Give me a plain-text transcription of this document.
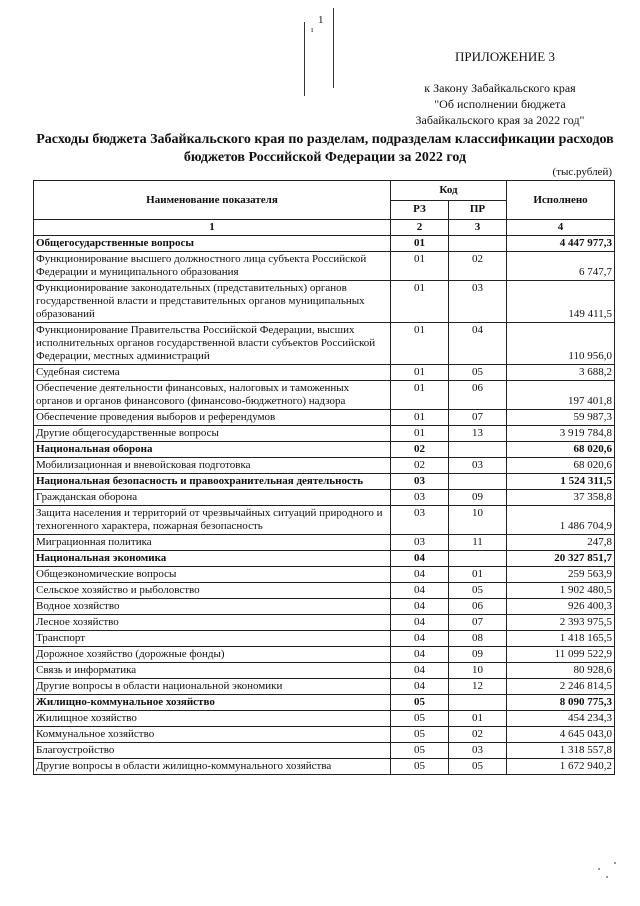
1
ı
ПРИЛОЖЕНИЕ 3
к Закону Забайкальского края
"Об исполнении бюджета
Забайкальского края за 2022 год"
Расходы бюджета Забайкальского края по разделам, подразделам классификации расходов
бюджетов Российской Федерации за 2022 год
(тыс.рублей)
Наименование показателя	Код		Исполнено
	РЗ	ПР	
1	2	3	4
Общегосударственные вопросы	01		4 447 977,3
Функционирование высшего должностного лица субъекта Российской Федерации и муниципального образования	01	02	6 747,7
Функционирование законодательных (представительных) органов государственной власти и представительных органов муниципальных образований	01	03	149 411,5
Функционирование Правительства Российской Федерации, высших исполнительных органов государственной власти субъектов Российской Федерации, местных администраций	01	04	110 956,0
Судебная система	01	05	3 688,2
Обеспечение деятельности финансовых, налоговых и таможенных органов и органов финансового (финансово-бюджетного) надзора	01	06	197 401,8
Обеспечение проведения выборов и референдумов	01	07	59 987,3
Другие общегосударственные вопросы	01	13	3 919 784,8
Национальная оборона	02		68 020,6
Мобилизационная и вневойсковая подготовка	02	03	68 020,6
Национальная безопасность и правоохранительная деятельность	03		1 524 311,5
Гражданская оборона	03	09	37 358,8
Защита населения и территорий от чрезвычайных ситуаций природного и техногенного характера, пожарная безопасность	03	10	1 486 704,9
Миграционная политика	03	11	247,8
Национальная экономика	04		20 327 851,7
Общеэкономические вопросы	04	01	259 563,9
Сельское хозяйство и рыболовство	04	05	1 902 480,5
Водное хозяйство	04	06	926 400,3
Лесное хозяйство	04	07	2 393 975,5
Транспорт	04	08	1 418 165,5
Дорожное хозяйство (дорожные фонды)	04	09	11 099 522,9
Связь и информатика	04	10	80 928,6
Другие вопросы в области национальной экономики	04	12	2 246 814,5
Жилищно-коммунальное хозяйство	05		8 090 775,3
Жилищное хозяйство	05	01	454 234,3
Коммунальное хозяйство	05	02	4 645 043,0
Благоустройство	05	03	1 318 557,8
Другие вопросы в области жилищно-коммунального хозяйства	05	05	1 672 940,2
